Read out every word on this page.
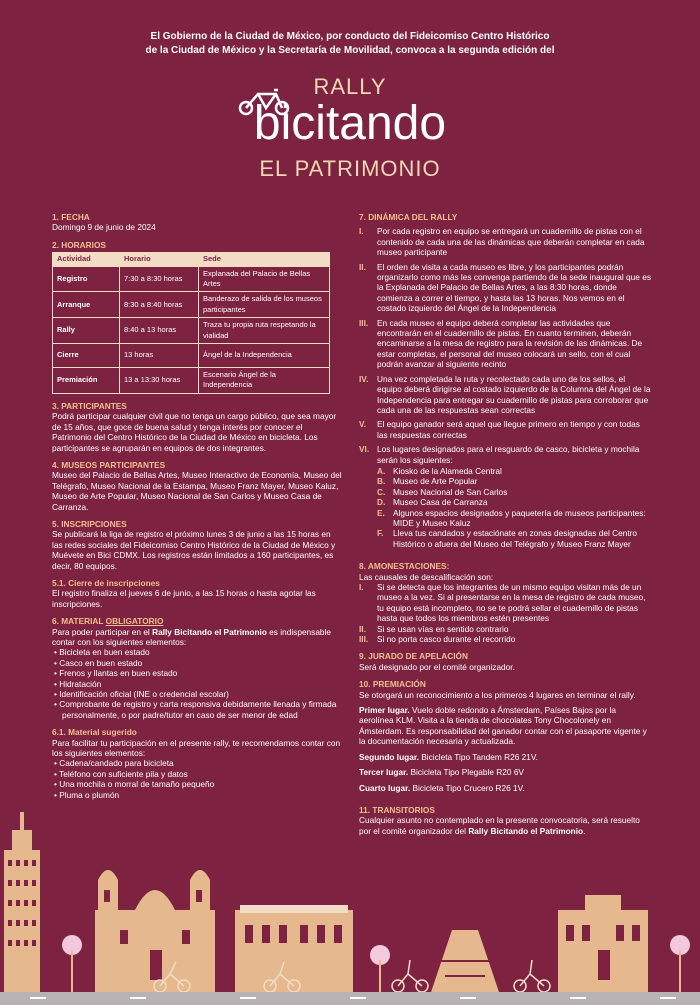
El Gobierno de la Ciudad de México, por conducto del Fideicomiso Centro Histórico
de la Ciudad de México y la Secretaría de Movilidad, convoca a la segunda edición del
RALLY
bicitando
EL PATRIMONIO
1. FECHA

Domingo 9 de junio de 2024

2. HORARIOS
Actividad	Horario	Sede
Registro	7:30 a 8:30 horas	Explanada del Palacio de Bellas Artes
Arranque	8:30 a 8:40 horas	Banderazo de salida de los museos participantes
Rally	8:40 a 13 horas	Traza tu propia ruta respetando la vialidad
Cierre	13 horas	Ángel de la Independencia
Premiación	13 a 13:30 horas	Escenario Ángel de la Independencia
3. PARTICIPANTES

Podrá participar cualquier civil que no tenga un cargo público, que sea mayor de 15 años, que goce de buena salud y tenga interés por conocer el Patrimonio del Centro Histórico de la Ciudad de México en bicicleta. Los participantes se agruparán en equipos de dos integrantes.

4. MUSEOS PARTICIPANTES

Museo del Palacio de Bellas Artes, Museo Interactivo de Economía, Museo del Telégrafo, Museo Nacional de la Estampa, Museo Franz Mayer, Museo Kaluz, Museo de Arte Popular, Museo Nacional de San Carlos y Museo Casa de Carranza.

5. INSCRIPCIONES

Se publicará la liga de registro el próximo lunes 3 de junio a las 15 horas en las redes sociales del Fideicomiso Centro Histórico de la Ciudad de México y Muévete en Bici CDMX. Los registros están limitados a 160 participantes, es decir, 80 equipos.

5.1. Cierre de inscripciones

El registro finaliza el jueves 6 de junio, a las 15 horas o hasta agotar las inscripciones.

6. MATERIAL OBLIGATORIO

Para poder participar en el Rally Bicitando el Patrimonio es indispensable contar con los siguientes elementos:

• Bicicleta en buen estado
• Casco en buen estado
• Frenos y llantas en buen estado
• Hidratación
• Identificación oficial (INE o credencial escolar)
• Comprobante de registro y carta responsiva debidamente llenada y firmada personalmente, o por padre/tutor en caso de ser menor de edad
6.1. Material sugerido

Para facilitar tu participación en el presente rally, te recomendamos contar con los siguientes elementos:

• Cadena/candado para bicicleta
• Teléfono con suficiente pila y datos
• Una mochila o morral de tamaño pequeño
• Pluma o plumón
7. DINÁMICA DEL RALLY
I.	Por cada registro en equipo se entregará un cuadernillo de pistas con el contenido de cada una de las dinámicas que deberán completar en cada museo participante
II.	El orden de visita a cada museo es libre, y los participantes podrán organizarlo como más les convenga partiendo de la sede inaugural que es la Explanada del Palacio de Bellas Artes, a las 8:30 horas, donde comienza a correr el tiempo, y hasta las 13 horas. Nos vemos en el costado izquierdo del Ángel de la Independencia
III.	En cada museo el equipo deberá completar las actividades que encontrarán en el cuadernillo de pistas. En cuanto terminen, deberán encaminarse a la mesa de registro para la revisión de las dinámicas. De estar completas, el personal del museo colocará un sello, con el cual podrán avanzar al siguiente recinto
IV.	Una vez completada la ruta y recolectado cada uno de los sellos, el equipo deberá dirigirse al costado izquierdo de la Columna del Ángel de la Independencia para entregar su cuadernillo de pistas para corroborar que cada una de las respuestas sean correctas
V.	El equipo ganador será aquel que llegue primero en tiempo y con todas las respuestas correctas
VI. Los lugares designados para el resguardo de casco, bicicleta y mochila serán los siguientes:
A. Kiosko de la Alameda Central
B. Museo de Arte Popular
C. Museo Nacional de San Carlos
D. Museo Casa de Carranza
E. Algunos espacios designados y paquetería de museos participantes: MIDE y Museo Kaluz
F.	Lleva tus candados y estaciónate en zonas designadas del Centro Histórico o afuera del Museo del Telégrafo y Museo Franz Mayer
8. AMONESTACIONES:

Las causales de descalificación son:

I.	Si se detecta que los integrantes de un mismo equipo visitan más de un museo a la vez. Si al presentarse en la mesa de registro de cada museo, tu equipo está incompleto, no se te podrá sellar el cuadernillo de pistas hasta que todos los miembros estén presentes
II.	Si se usan vías en sentido contrario
III.	Si no porta casco durante el recorrido
9. JURADO DE APELACIÓN

Será designado por el comité organizador.

10. PREMIACIÓN

Se otorgará un reconocimiento a los primeros 4 lugares en terminar el rally.

Primer lugar. Vuelo doble redondo a Ámsterdam, Países Bajos por la aerolínea KLM. Visita a la tienda de chocolates Tony Chocolonely en Ámsterdam. Es responsabilidad del ganador contar con el pasaporte vigente y la documentación necesaria y actualizada.

Segundo lugar. Bicicleta Tipo Tandem R26 21V.

Tercer lugar. Bicicleta Tipo Plegable R20 6V

Cuarto lugar. Bicicleta Tipo Crucero R26 1V.

11. TRANSITORIOS

Cualquier asunto no contemplado en la presente convocatoria, será resuelto por el comité organizador del Rally Bicitando el Patrimonio.
